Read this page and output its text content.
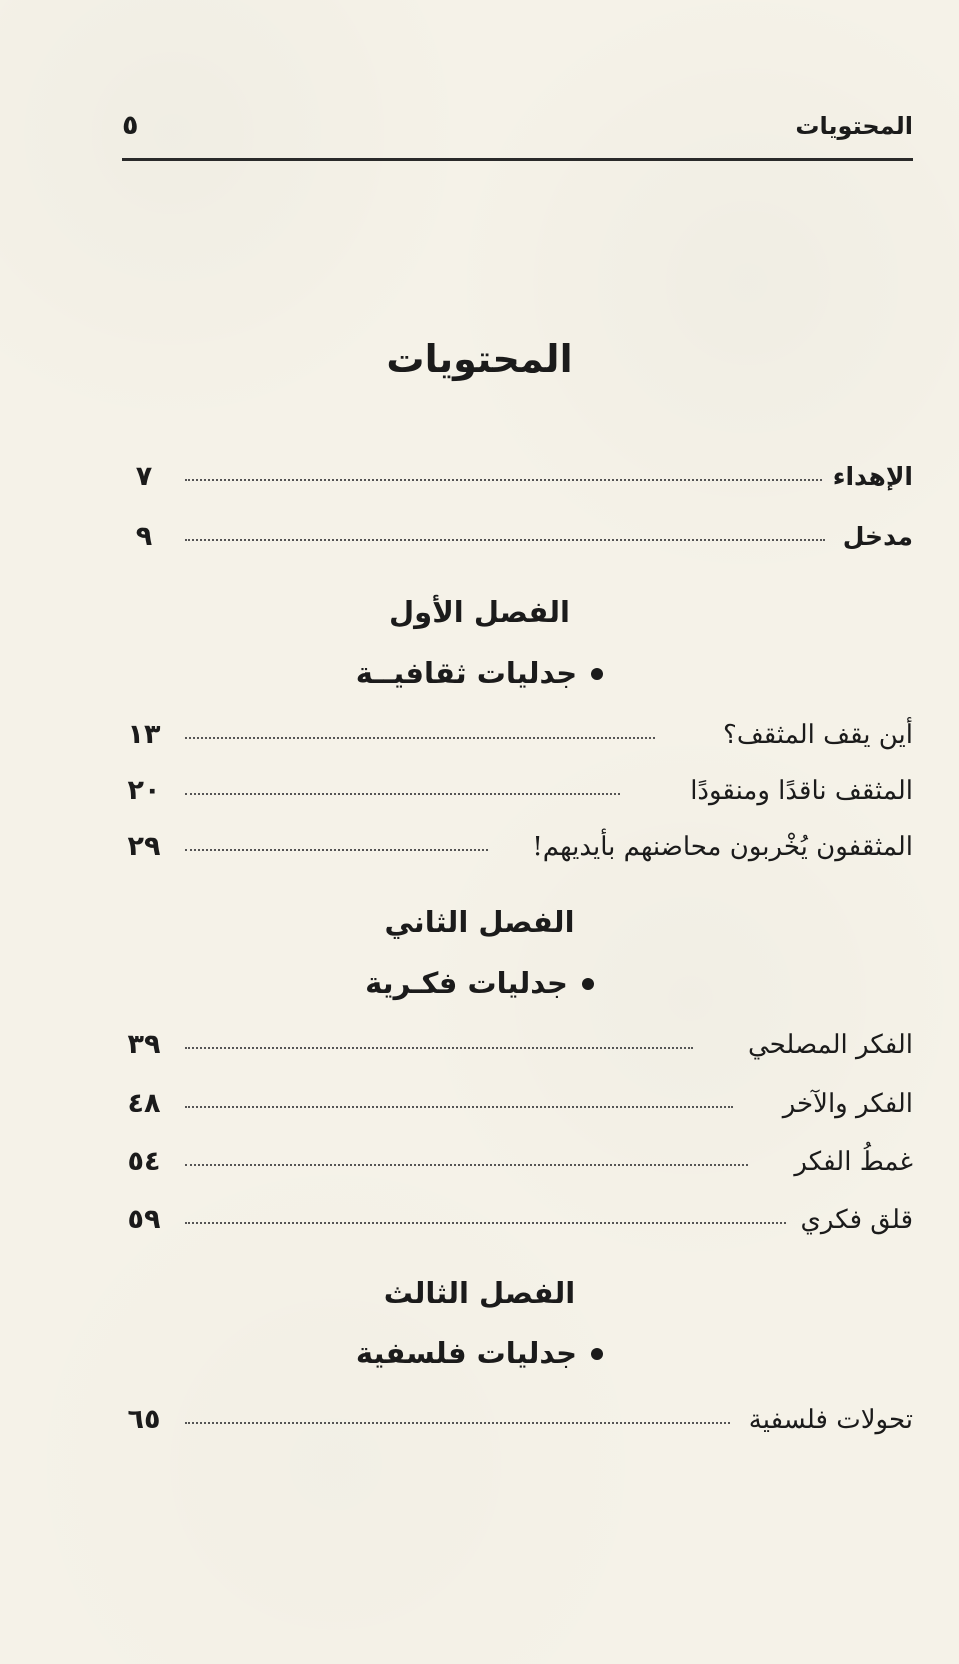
المحتويات
٥
المحتويات
الإهداء
٧
مدخل
٩
الفصل الأول
جدليات ثقافيــة
أين يقف المثقف؟
١٣
المثقف ناقدًا ومنقودًا
٢٠
المثقفون يُخْربون محاضنهم بأيديهم!
٢٩
الفصل الثاني
جدليات فكـرية
الفكر المصلحي
٣٩
الفكر والآخر
٤٨
غمطُ الفكر
٥٤
قلق فكري
٥٩
الفصل الثالث
جدليات فلسفية
تحولات فلسفية
٦٥
